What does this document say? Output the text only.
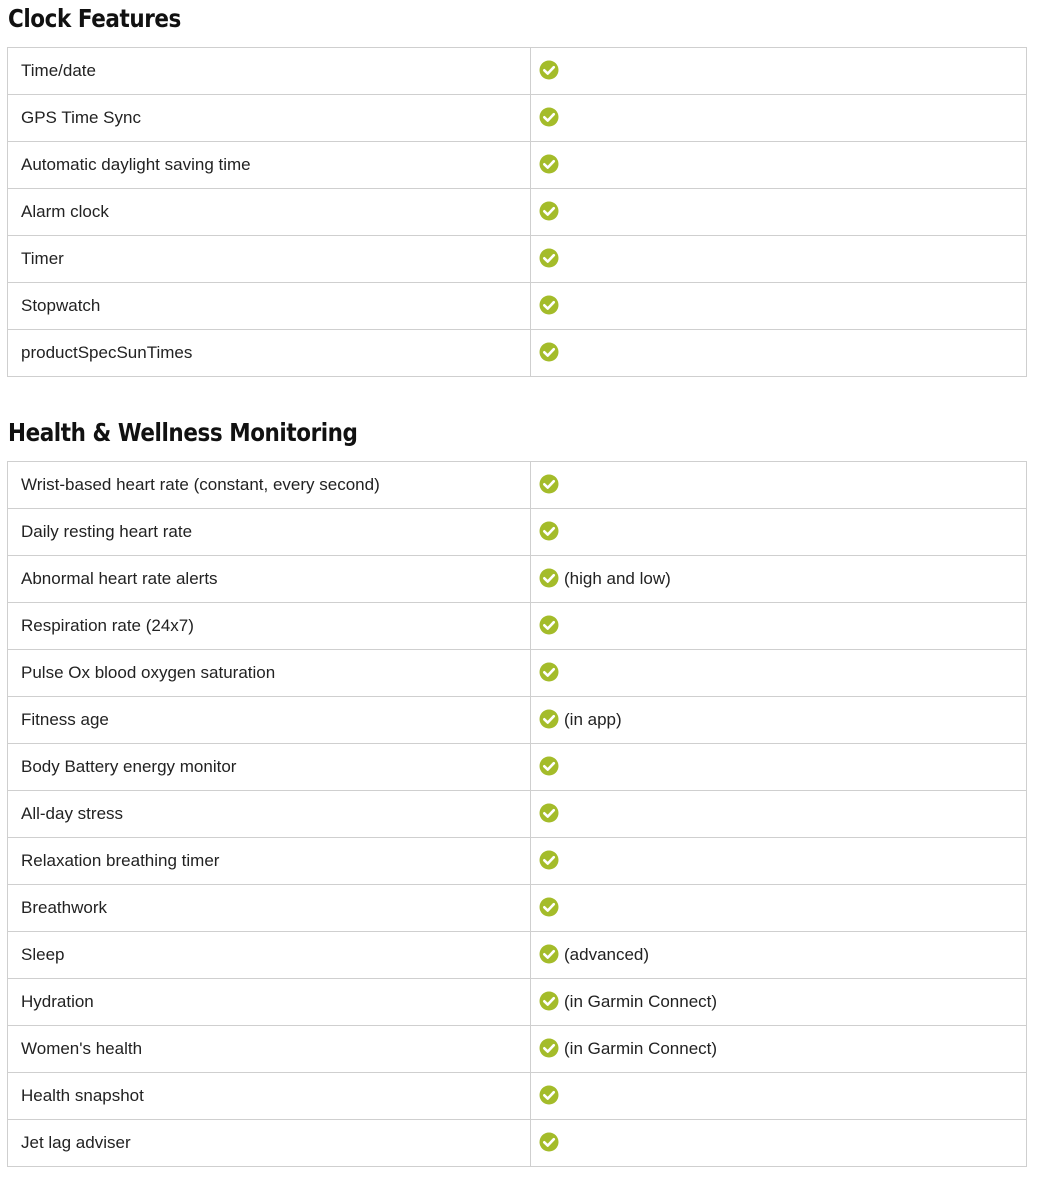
Clock Features
Time/date	

GPS Time Sync	

Automatic daylight saving time	

Alarm clock	

Timer	

Stopwatch	

productSpecSunTimes	
Health & Wellness Monitoring
Wrist-based heart rate (constant, every second)	

Daily resting heart rate	

Abnormal heart rate alerts	(high and low)
Respiration rate (24x7)	

Pulse Ox blood oxygen saturation	

Fitness age	(in app)
Body Battery energy monitor	

All-day stress	

Relaxation breathing timer	

Breathwork	

Sleep	(advanced)
Hydration	(in Garmin Connect)
Women's health	(in Garmin Connect)
Health snapshot	

Jet lag adviser	
